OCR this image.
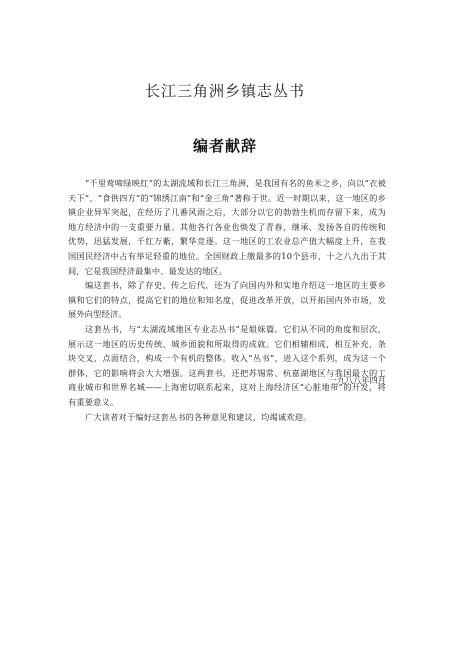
长江三角洲乡镇志丛书
编者献辞

“千里莺啼绿映红”的太湖流域和长江三角洲，是我国有名的鱼米之乡，向以“衣被天下”、“食供四方”的“锦绣江南”和“金三角”著称于世。近一时期以来，这一地区的乡镇企业异军突起，在经历了几番风雨之后，大部分以它的勃勃生机而存留下来，成为地方经济中的一支重要力量。其他各行各业也焕发了青春，继承、发扬各自的传统和优势，迅猛发展，千红万紫，繁华竞逐。这一地区的工农业总产值大幅度上升，在我国国民经济中占有举足轻重的地位。全国财政上缴最多的10个县市，十之八九出于其间，它是我国经济最集中、最发达的地区。

编这套书，除了存史、传之后代，还为了向国内外和实地介绍这一地区的主要乡镇和它们的特点，提高它们的地位和知名度，促进改革开放，以开拓国内外市场，发展外向型经济。

这套丛书，与“太湖流域地区专业志丛书”是姐妹篇。它们从不同的角度和层次，展示这一地区的历史传统、城乡面貌和所取得的成就。它们相辅相成，相互补充，条块交叉，点面结合，构成一个有机的整体。收入“丛书”，进入这个系列，成为这一个群体，它的影响将会大大增强。这两套书，还把苏锡常、杭嘉湖地区与我国最大的工商业城市和世界名城——上海密切联系起来，这对上海经济区“心脏地带”的开发，将有重要意义。

广大读者对于编好这套丛书的各种意见和建议，均竭诚欢迎。

一九八八年四月
